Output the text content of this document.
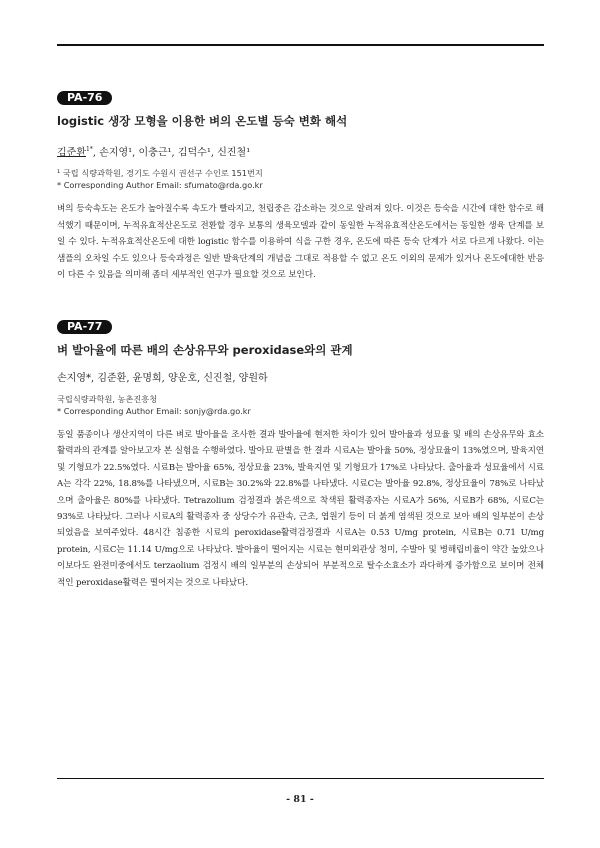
PA-76
logistic 생장 모형을 이용한 벼의 온도별 등숙 변화 해석
김준환$^{1*}$, 손지영¹, 이충근¹, 김덕수¹, 신진철¹
¹ 국립 식량과학원, 경기도 수원시 권선구 수인로 151번지
* Corresponding Author Email: sfumato@rda.go.kr
벼의 등숙속도는 온도가 높아질수록 속도가 빨라지고, 천립중은 감소하는 것으로 알려져 있다. 이것은 등숙을 시간에 대한 함수로 해석했기 때문이며, 누적유효적산온도로 전환할 경우 보통의 생육모델과 같이 동일한 누적유효적산온도에서는 동일한 생육 단계를 보일 수 있다. 누적유효적산온도에 대한 logistic 함수를 이용하여 식을 구한 경우, 온도에 따른 등숙 단계가 서로 다르게 나왔다. 이는 샘플의 오차일 수도 있으나 등숙과정은 일반 발육단계의 개념을 그대로 적용할 수 없고 온도 이외의 문제가 있거나 온도에대한 반응이 다른 수 있음을 의미해 좀더 세부적인 연구가 필요할 것으로 보인다.
PA-77
벼 발아율에 따른 배의 손상유무와 peroxidase와의 관계
손지영*, 김준환, 윤명희, 양운호, 신진철, 양원하
국립식량과학원, 농촌진흥청
* Corresponding Author Email: sonjy@rda.go.kr
동일 품종이나 생산지역이 다른 벼로 발아율을 조사한 결과 발아율에 현저한 차이가 있어 발아율과 성묘율 및 배의 손상유무와 효소활력과의 관계를 알아보고자 본 실험을 수행하였다. 발아묘 판별을 한 결과 시료A는 발아율 50%, 정상묘율이 13%였으며, 발육지연 및 기형묘가 22.5%였다. 시료B는 발아율 65%, 정상묘율 23%, 발육지연 및 기형묘가 17%로 나타났다. 출아율과 성묘율에서 시료A는 각각 22%, 18.8%를 나타냈으며, 시료B는 30.2%와 22.8%를 나타냈다. 시료C는 발아율 92.8%, 정상묘율이 78%로 나타났으며 출아율은 80%를 나타냈다. Tetrazolium 검정결과 붉은색으로 착색된 활력종자는 시료A가 56%, 시료B가 68%, 시료C는 93%로 나타났다. 그러나 시료A의 활력종자 중 상당수가 유관속, 근초, 엽원기 등이 더 붉게 염색된 것으로 보아 배의 일부분이 손상되었음을 보여주었다. 48시간 침종한 시료의 peroxidase활력검정결과 시료A는 0.53 U/mg protein, 시료B는 0.71 U/mg protein, 시료C는 11.14 U/mg으로 나타났다. 발아율이 떨어지는 시료는 현미외관상 청미, 수발아 및 병해립비율이 약간 높았으나 이보다도 완전미중에서도 terzaolium 검정시 배의 일부분의 손상되어 부분적으로 탈수소효소가 과다하게 증가함으로 보이며 전체적인 peroxidase활력은 떨어지는 것으로 나타났다.
- 81 -
